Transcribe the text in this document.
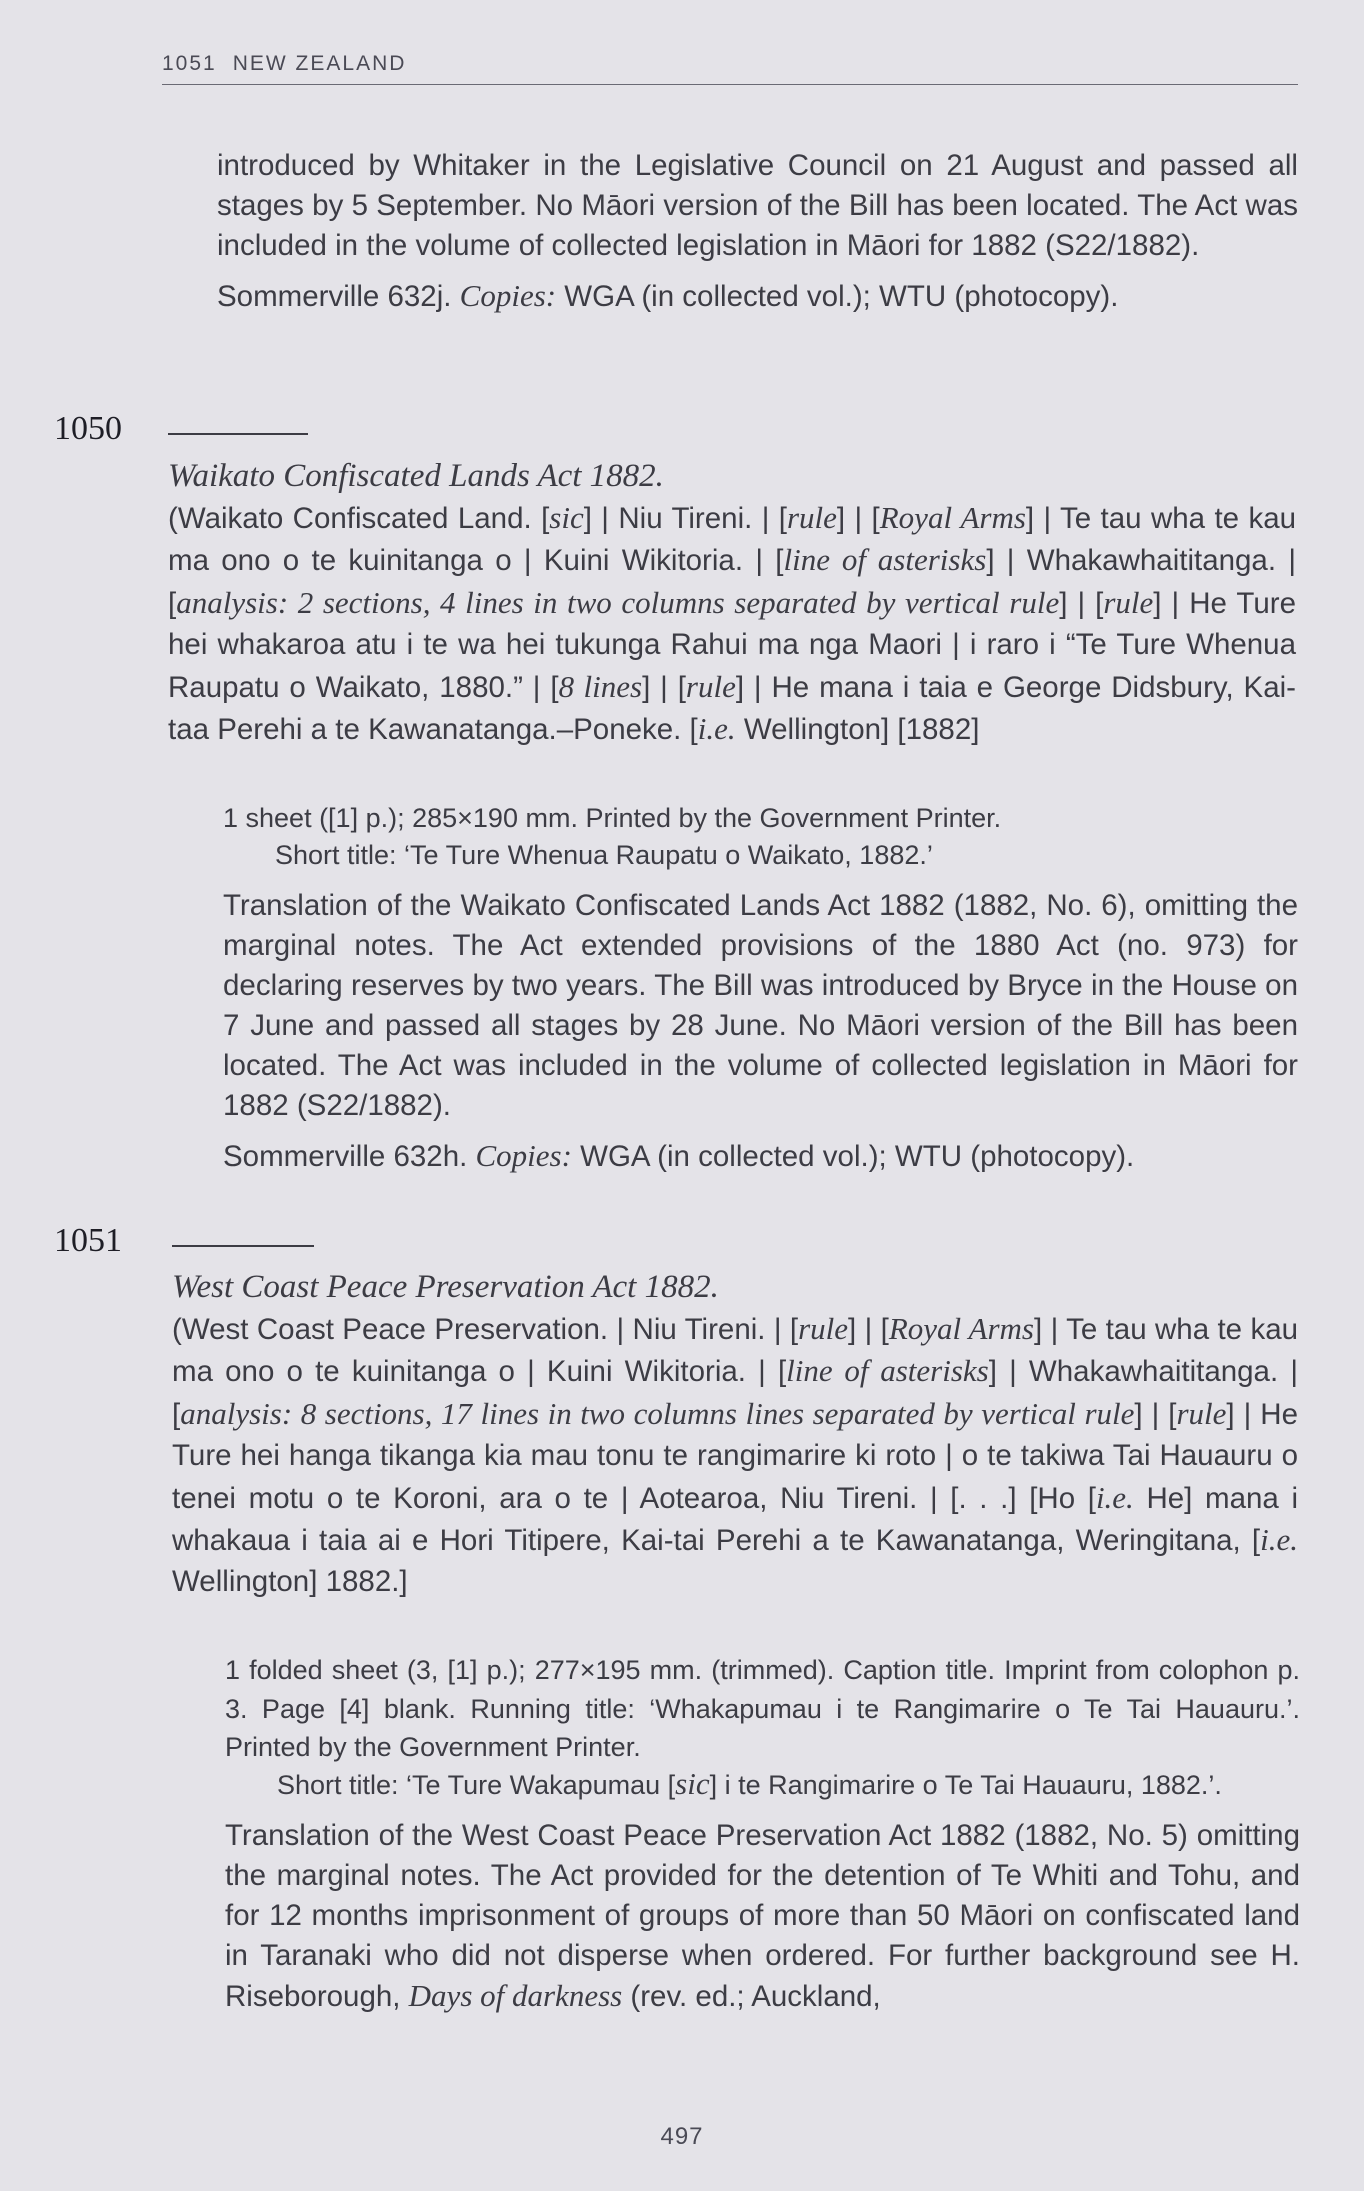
1051 NEW ZEALAND

introduced by Whitaker in the Legislative Council on 21 August and passed all stages by 5 September. No Māori version of the Bill has been located. The Act was included in the volume of collected legislation in Māori for 1882 (S22/1882).

Sommerville 632j. Copies: WGA (in collected vol.); WTU (photocopy).

1050
Waikato Confiscated Lands Act 1882.
(Waikato Confiscated Land. [sic] | Niu Tireni. | [rule] | [Royal Arms] | Te tau wha te kau ma ono o te kuinitanga o | Kuini Wikitoria. | [line of asterisks] | Whakawhaititanga. | [analysis: 2 sections, 4 lines in two columns separated by vertical rule] | [rule] | He Ture hei whakaroa atu i te wa hei tukunga Rahui ma nga Maori | i raro i “Te Ture Whenua Raupatu o Waikato, 1880.” | [8 lines] | [rule] | He mana i taia e George Didsbury, Kai-taa Perehi a te Kawanatanga.–Poneke. [i.e. Wellington] [1882]

1 sheet ([1] p.); 285×190 mm. Printed by the Government Printer.

Short title: ‘Te Ture Whenua Raupatu o Waikato, 1882.’

Translation of the Waikato Confiscated Lands Act 1882 (1882, No. 6), omitting the marginal notes. The Act extended provisions of the 1880 Act (no. 973) for declaring reserves by two years. The Bill was introduced by Bryce in the House on 7 June and passed all stages by 28 June. No Māori version of the Bill has been located. The Act was included in the volume of collected legislation in Māori for 1882 (S22/1882).

Sommerville 632h. Copies: WGA (in collected vol.); WTU (photocopy).

1051
West Coast Peace Preservation Act 1882.
(West Coast Peace Preservation. | Niu Tireni. | [rule] | [Royal Arms] | Te tau wha te kau ma ono o te kuinitanga o | Kuini Wikitoria. | [line of asterisks] | Whakawhaititanga. | [analysis: 8 sections, 17 lines in two columns lines separated by vertical rule] | [rule] | He Ture hei hanga tikanga kia mau tonu te rangimarire ki roto | o te takiwa Tai Hauauru o tenei motu o te Koroni, ara o te | Aotearoa, Niu Tireni. | [. . .] [Ho [i.e. He] mana i whakaua i taia ai e Hori Titipere, Kai-tai Perehi a te Kawanatanga, Weringitana, [i.e. Wellington] 1882.]

1 folded sheet (3, [1] p.); 277×195 mm. (trimmed). Caption title. Imprint from colophon p. 3. Page [4] blank. Running title: ‘Whakapumau i te Rangimarire o Te Tai Hauauru.’. Printed by the Government Printer.

Short title: ‘Te Ture Wakapumau [sic] i te Rangimarire o Te Tai Hauauru, 1882.’.

Translation of the West Coast Peace Preservation Act 1882 (1882, No. 5) omitting the marginal notes. The Act provided for the detention of Te Whiti and Tohu, and for 12 months imprisonment of groups of more than 50 Māori on confiscated land in Taranaki who did not disperse when ordered. For further background see H. Riseborough, Days of darkness (rev. ed.; Auckland,

497
